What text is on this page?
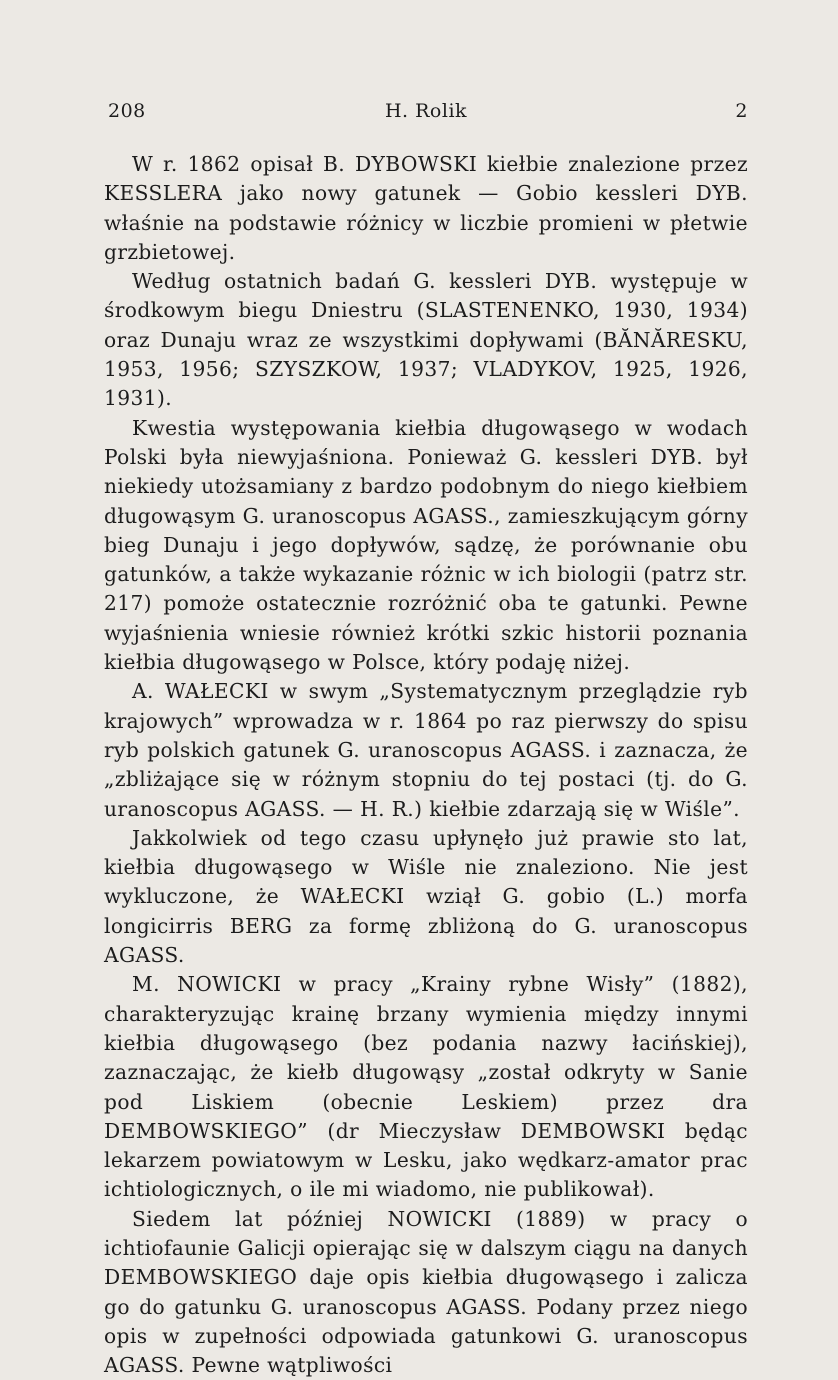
208	H. Rolik	2

W r. 1862 opisał B. DYBOWSKI kiełbie znalezione przez KESSLERA jako nowy gatunek — Gobio kessleri DYB. właśnie na podstawie różnicy w liczbie promieni w płetwie grzbietowej.

Według ostatnich badań G. kessleri DYB. występuje w środkowym biegu Dniestru (SLASTENENKO, 1930, 1934) oraz Dunaju wraz ze wszystkimi dopływami (BĂNĂRESKU, 1953, 1956; SZYSZKOW, 1937; VLADYKOV, 1925, 1926, 1931).

Kwestia występowania kiełbia długowąsego w wodach Polski była niewyjaśniona. Ponieważ G. kessleri DYB. był niekiedy utożsamiany z bardzo podobnym do niego kiełbiem długowąsym G. uranoscopus AGASS., zamieszkującym górny bieg Dunaju i jego dopływów, sądzę, że porównanie obu gatunków, a także wykazanie różnic w ich biologii (patrz str. 217) pomoże ostatecznie rozróżnić oba te gatunki. Pewne wyjaśnienia wniesie również krótki szkic historii poznania kiełbia długowąsego w Polsce, który podaję niżej.

A. WAŁECKI w swym „Systematycznym przeglądzie ryb krajowych” wprowadza w r. 1864 po raz pierwszy do spisu ryb polskich gatunek G. uranoscopus AGASS. i zaznacza, że „zbliżające się w różnym stopniu do tej postaci (tj. do G. uranoscopus AGASS. — H. R.) kiełbie zdarzają się w Wiśle”.

Jakkolwiek od tego czasu upłynęło już prawie sto lat, kiełbia długowąsego w Wiśle nie znaleziono. Nie jest wykluczone, że WAŁECKI wziął G. gobio (L.) morfa longicirris BERG za formę zbliżoną do G. uranoscopus AGASS.

M. NOWICKI w pracy „Krainy rybne Wisły” (1882), charakteryzując krainę brzany wymienia między innymi kiełbia długowąsego (bez podania nazwy łacińskiej), zaznaczając, że kiełb długowąsy „został odkryty w Sanie pod Liskiem (obecnie Leskiem) przez dra DEMBOWSKIEGO” (dr Mieczysław DEMBOWSKI będąc lekarzem powiatowym w Lesku, jako wędkarz-amator prac ichtiologicznych, o ile mi wiadomo, nie publikował).

Siedem lat później NOWICKI (1889) w pracy o ichtiofaunie Galicji opierając się w dalszym ciągu na danych DEMBOWSKIEGO daje opis kiełbia długowąsego i zalicza go do gatunku G. uranoscopus AGASS. Podany przez niego opis w zupełności odpowiada gatunkowi G. uranoscopus AGASS. Pewne wątpliwości
